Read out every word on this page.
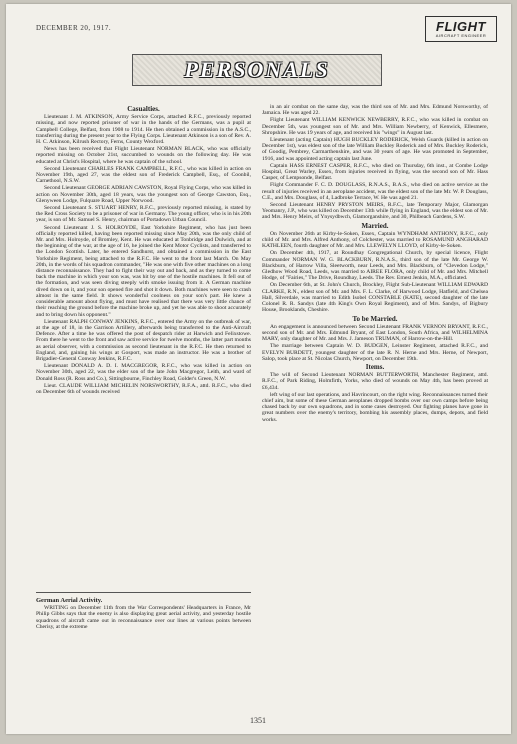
DECEMBER 20, 1917.	FLIGHT
AIRCRAFT ENGINEER
PERSONALS
Casualties.

Lieutenant J. M. ATKINSON, Army Service Corps, attached R.F.C., previously reported missing, and now reported prisoner of war in the hands of the Germans, was a pupil at Campbell College, Belfast, from 1908 to 1914. He then obtained a commission in the A.S.C., transferring during the present year to the Flying Corps. Lieutenant Atkinson is a son of Rev. A. H. C. Atkinson, Kilrush Rectory, Ferns, County Wexford.

News has been received that Flight Lieutenant NORMAN BLACK, who was officially reported missing on October 21st, succumbed to wounds on the following day. He was educated at Christ's Hospital, where he was captain of the school.

Second Lieutenant CHARLES FRANK CAMPBELL, R.F.C., who was killed in action on November 19th, aged 27, was the eldest son of Frederick Campbell, Esq., of Coonbil, Carnethool, N.S.W.

Second Lieutenant GEORGE ADRIAN CAWSTON, Royal Flying Corps, who was killed in action on November 30th, aged 18 years, was the youngest son of George Cawston, Esq., Glenyween Lodge, Fulquare Road, Upper Norwood.

Second Lieutenant S. STUART HENRY, R.F.C., previously reported missing, is stated by the Red Cross Society to be a prisoner of war in Germany. The young officer, who is in his 20th year, is son of Mr. Samuel S. Henry, chairman of Portadown Urban Council.

Second Lieutenant J. S. HOLROYDE, East Yorkshire Regiment, who has just been officially reported killed, having been reported missing since May 20th, was the only child of Mr. and Mrs. Holroyde, of Bromley, Kent. He was educated at Tonbridge and Dulwich, and at the beginning of the war, at the age of 16, he joined the Kent Motor Cyclists, and transferred to the London Scottish. Later, he entered Sandhurst, and obtained a commission in the East Yorkshire Regiment, being attached to the R.F.C. He went to the front last March. On May 20th, in the words of his squadron commander, "He was one with five other machines on a long distance reconnaissance. They had to fight their way out and back, and as they turned to come back the machine in which your son was, was hit by one of the hostile machines. It fell out of the formation, and was seen diving steeply with smoke issuing from it. A German machine dived down on it, and your son opened fire and shot it down. Both machines were seen to crash almost in the same field. It shows wonderful coolness on your son's part. He knew a considerable amount about flying, and must have realised that there was very little chance of their reaching the ground before the machine broke up, and yet he was able to shoot accurately and to bring down his opponent."

Lieutenant RALPH CONWAY JENKINS, R.F.C., entered the Army on the outbreak of war, at the age of 18, in the Garrison Artillery, afterwards being transferred to the Anti-Aircraft Defence. After a time he was offered the post of despatch rider at Harwich and Felixstowe. From there he went to the front and saw active service for twelve months, the latter part months as aerial observer, with a commission as second lieutenant in the R.F.C. He then returned to England, and, gaining his wings at Gosport, was made an instructor. He was a brother of Brigadier-General Conway Jenkins, R.F.C.

Lieutenant DONALD A. D. I. MACGREGOR, R.F.C., who was killed in action on November 30th, aged 22, was the elder son of the late John Macgregor, Leith, and ward of Donald Ross (R. Ross and Co.), Sittingbourne, Finchley Road, Golder's Green, N.W.

Lieut. CLAUDE WILLIAM MICHELIN NORSWORTHY, R.F.A., attd. R.F.C., who died on December 6th of wounds received

German Aerial Activity.

WRITING on December 11th from the War Correspondents' Headquarters in France, Mr Philip Gibbs says that the enemy is also displaying great aerial activity, and yesterday hostile squadrons of aircraft came out in reconnaissance over our lines at various points between Cherisy, at the extreme

in an air combat on the same day, was the third son of Mr. and Mrs. Edmund Norsworthy, of Jamaica. He was aged 22.

Flight Lieutenant WILLIAM KENWICK NEWBERRY, R.F.C., who was killed in combat on December 5th, was youngest son of Mr. and Mrs. William Newberry, of Kenwick, Ellesmere, Shropshire. He was 19 years of age, and received his "wings" in August last.

Lieutenant (acting Captain) HUGH BUCKLEY RODERICK, Welsh Guards (killed in action on December 1st), was eldest son of the late William Buckley Roderick and of Mrs. Buckley Roderick, of Goodig, Pembrey, Carmarthenshire, and was 30 years of age. He was promoted in September, 1916, and was appointed acting captain last June.

Captain HASS ERNEST CASPER, R.F.C., who died on Thursday, 6th inst., at Combe Lodge Hospital, Great Warley, Essex, from injuries received in flying, was the second son of Mr. Hass Casper, of Lempsonde, Belfast.

Flight Commander F. C. D. DOUGLASS, R.N.A.S., B.A.S., who died on active service as the result of injuries received in an aeroplane accident, was the eldest son of the late Mr. W. P. Douglass, C.E., and Mrs. Douglass, of 4, Ladbroke Terrace, W. He was aged 21.

Second Lieutenant HENRY PRYSTON MEIRS, R.F.C., late Temporary Major, Glamorgan Yeomanry, J.P., who was killed on December 13th while flying in England, was the eldest son of Mr. and Mrs. Henry Meirs, of Ynysydbwch, Glamorganshire, and 30, Philbeach Gardens, S.W.

Married.

On November 26th at Kirby-le-Soken, Essex, Captain WYNDHAM ANTHONY, R.F.C., only child of Mr. and Mrs. Alfred Anthony, of Colchester, was married to ROSAMUND ANGHARAD KATHLEEN, fourth daughter of Mr. and Mrs. LLEWELYN LLOYD, of Kirby-le-Soken.

On December 4th, 1917, at Roundhay Congregational Church, by special licence, Flight Commander NORMAN W. G. BLACKBURN, R.N.A.S., third son of the late Mr. George W. Blackburn, of Harrow Villa, Sleetworth, near Leeds, and Mrs. Blackburn, of "Clevedon Lodge," Gledhow Wood Road, Leeds, was married to AIREE FLORA, only child of Mr. and Mrs. Mitchell Hodge, of "Fairies," The Drive, Roundhay, Leeds. The Rev. Ernest Jenkin, M.A., officiated.

On December 6th, at St. John's Church, Brockley, Flight Sub-Lieutenant WILLIAM EDWARD CLARKE, R.N., eldest son of Mr. and Mrs. F. L. Clarke, of Harwood Lodge, Hatfield, and Chelsea Hall, Silverdale, was married to Edith Isobel CONSTABLE (KATE), second daughter of the late Colonel R. R. Sandys (late 4th King's Own Royal Regiment), and of Mrs. Sandys, of Bigbury House, Brooklands, Cheshire.

To be Married.

An engagement is announced between Second Lieutenant FRANK VERNON BRYANT, R.F.C., second son of Mr. and Mrs. Edmund Bryant, of East London, South Africa, and WILHELMINA MARY, only daughter of Mr. and Mrs. J. Jameson TRUMAN, of Harrow-on-the-Hill.

The marriage between Captain W. D. BUDGEN, Leinster Regiment, attached R.F.C., and EVELYN BURDETT, youngest daughter of the late R. N. Herne and Mrs. Herne, of Newport, Salop, took place at St. Nicolas Church, Newport, on December 19th.

Items.

The will of Second Lieutenant NORMAN BUTTERWORTH, Manchester Regiment, attd. R.F.C., of Park Riding, Holmfirth, Yorks, who died of wounds on May 4th, has been proved at £6,434.

left wing of our last operations, and Havrincourt, on the right wing. Reconnaissances turned their chief aim, but some of these German aeroplanes dropped bombs over our own camps before being chased back by our own squadrons, and in some cases destroyed. Our fighting planes have gone in great numbers over the enemy's territory, bombing his assembly places, dumps, depots, and field works.

1351
